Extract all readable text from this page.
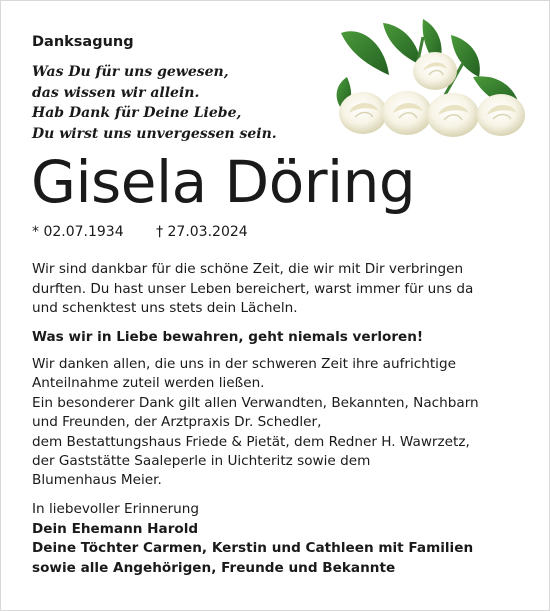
Danksagung
Was Du für uns gewesen,
das wissen wir allein.
Hab Dank für Deine Liebe,
Du wirst uns unvergessen sein.
Gisela Döring
* 02.07.1934 † 27.03.2024

Wir sind dankbar für die schöne Zeit, die wir mit Dir verbringen

durften. Du hast unser Leben bereichert, warst immer für uns da

und schenktest uns stets dein Lächeln.

Was wir in Liebe bewahren, geht niemals verloren!
Wir danken allen, die uns in der schweren Zeit ihre aufrichtige
Anteilnahme zuteil werden ließen.
Ein besonderer Dank gilt allen Verwandten, Bekannten, Nachbarn
und Freunden, der Arztpraxis Dr. Schedler,
dem Bestattungshaus Friede & Pietät, dem Redner H. Wawrzetz,
der Gaststätte Saaleperle in Uichteritz sowie dem
Blumenhaus Meier.
In liebevoller Erinnerung
Dein Ehemann Harold
Deine Töchter Carmen, Kerstin und Cathleen mit Familien
sowie alle Angehörigen, Freunde und Bekannte
